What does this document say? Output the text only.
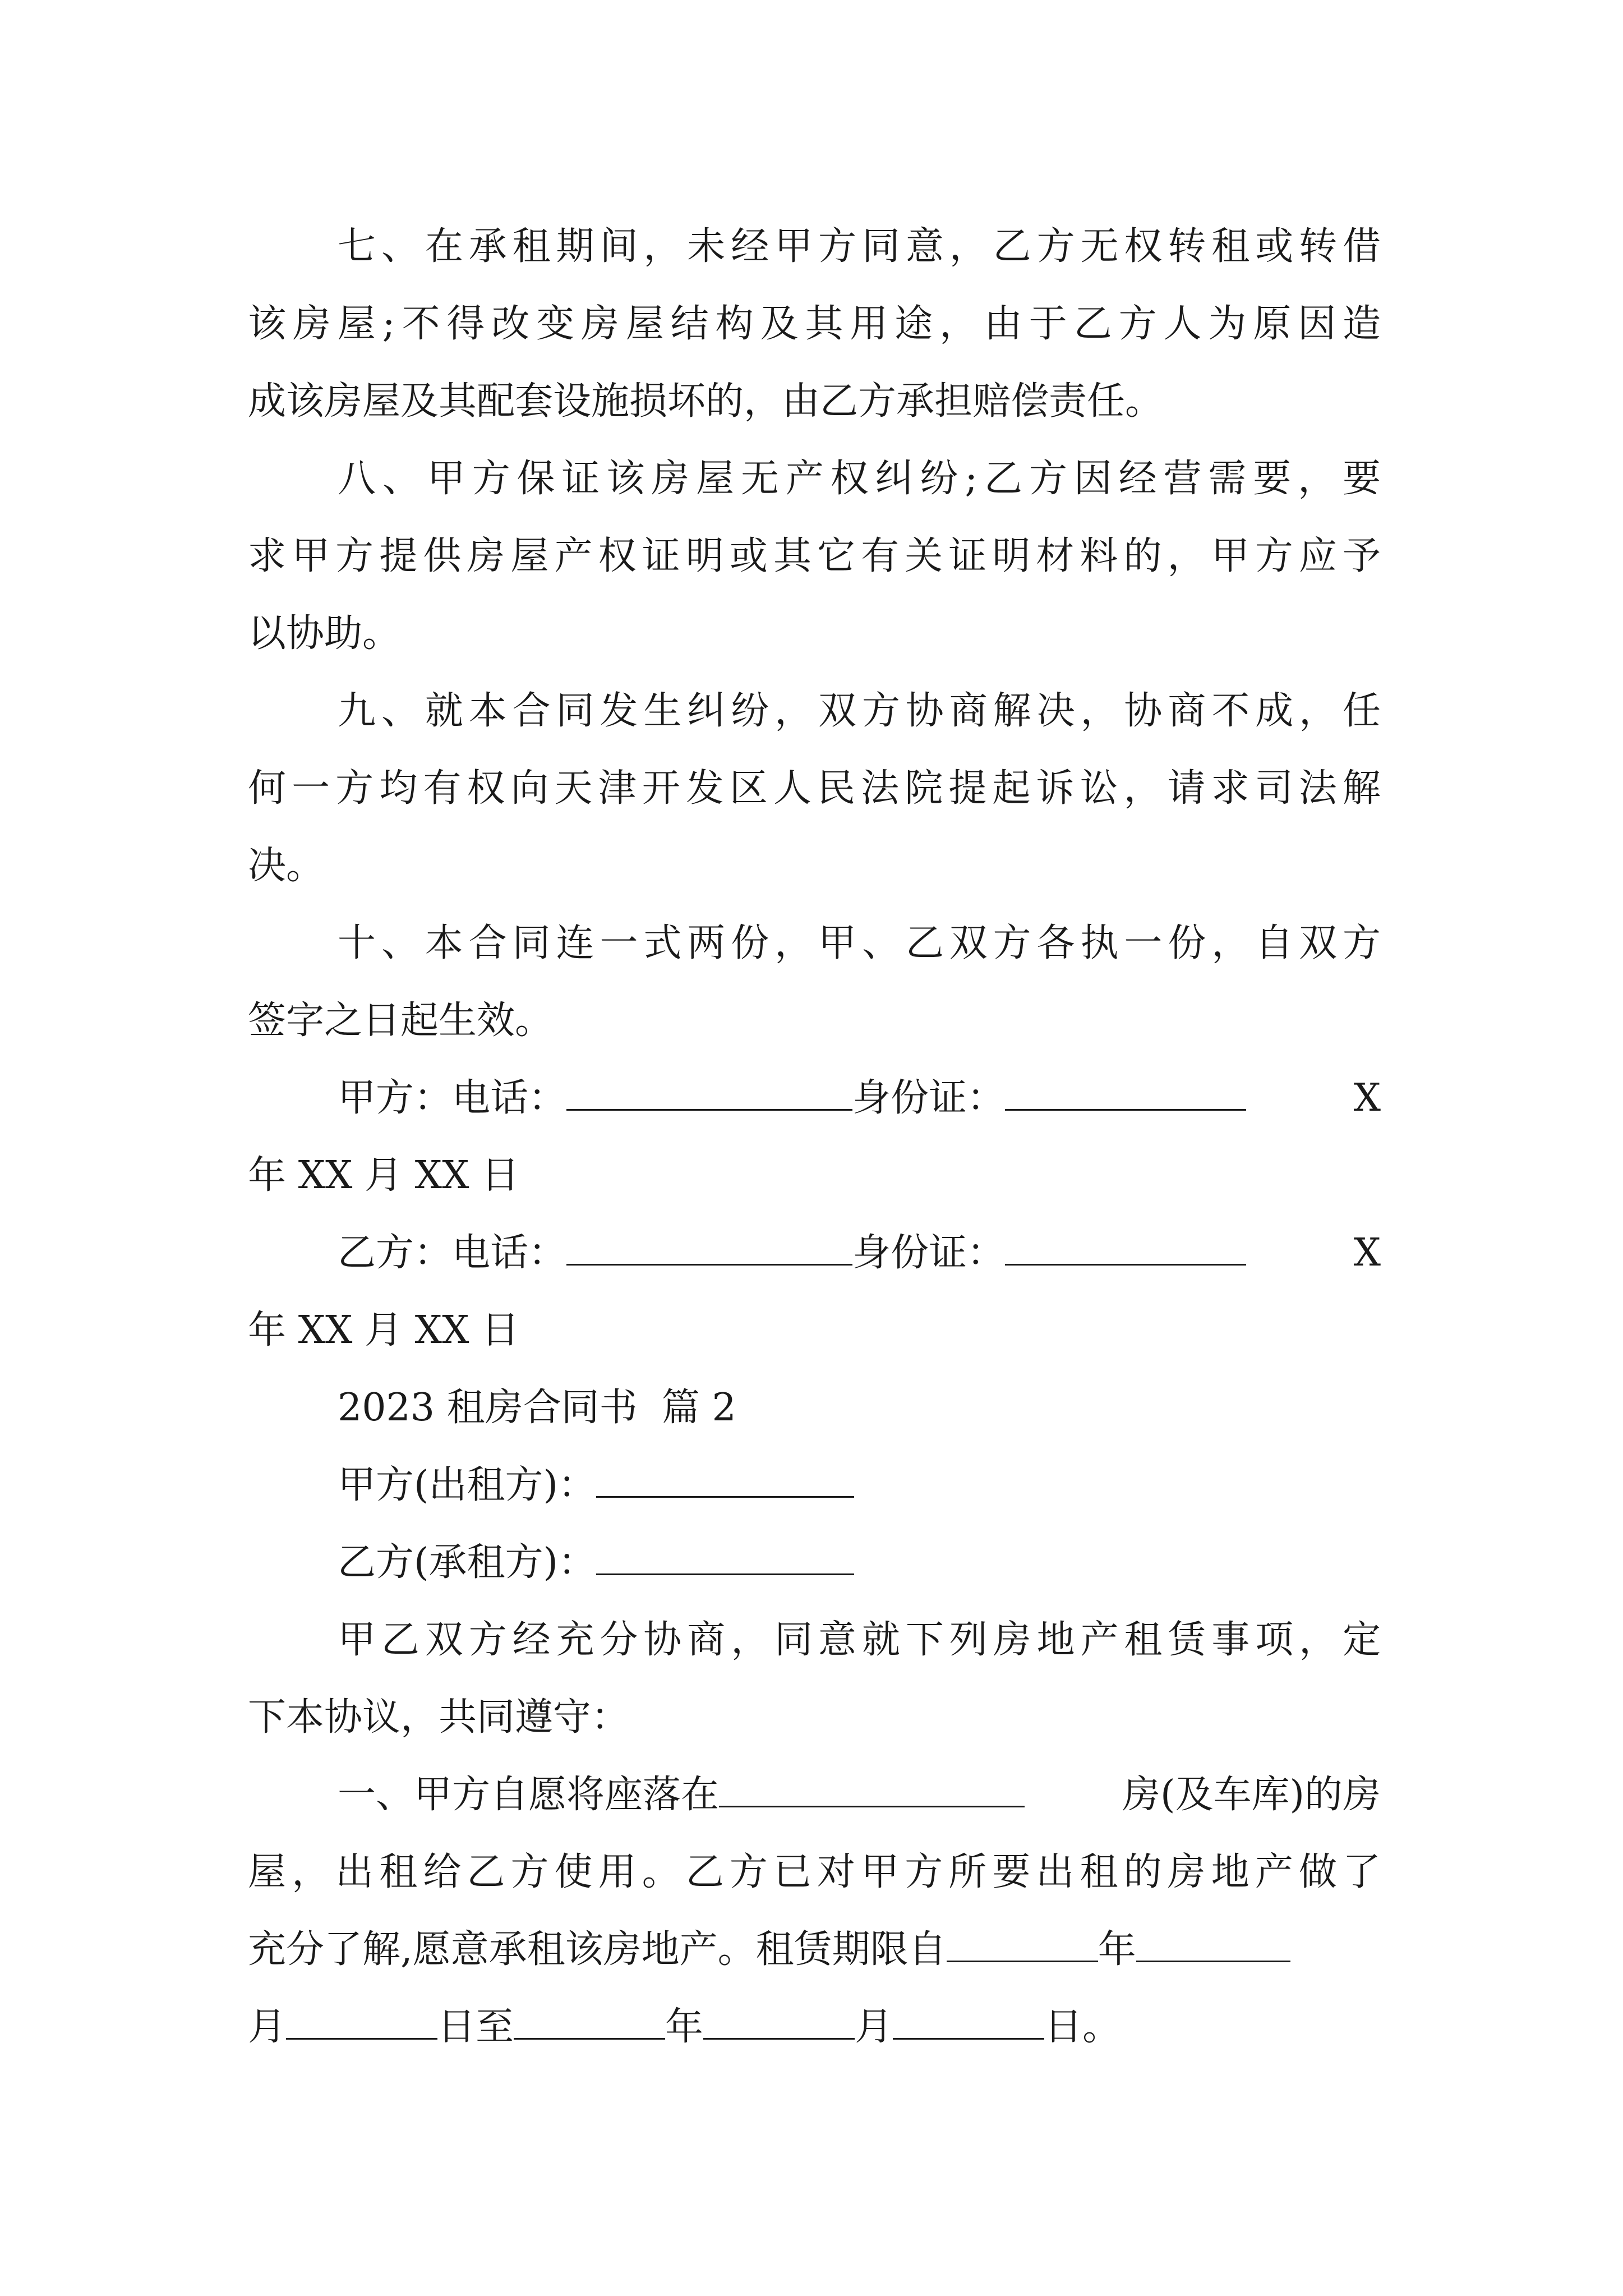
七、在承租期间，未经甲方同意，乙方无权转租或转借
该房屋;不得改变房屋结构及其用途，由于乙方人为原因造
成该房屋及其配套设施损坏的，由乙方承担赔偿责任。
八、甲方保证该房屋无产权纠纷;乙方因经营需要，要
求甲方提供房屋产权证明或其它有关证明材料的，甲方应予
以协助。
九、就本合同发生纠纷，双方协商解决，协商不成，任
何一方均有权向天津开发区人民法院提起诉讼，请求司法解
决。
十、本合同连一式两份，甲、乙双方各执一份，自双方
签字之日起生效。
甲方：电话：	身份证：	X
年 XX 月 XX 日
乙方：电话：	身份证：	X
年 XX 月 XX 日
2023 租房合同书  篇 2
甲方(出租方)：
乙方(承租方)：
甲乙双方经充分协商，同意就下列房地产租赁事项，定
下本协议，共同遵守：
一、甲方自愿将座落在	房(及车库)的房
屋，出租给乙方使用。乙方已对甲方所要出租的房地产做了
充分了解,愿意承租该房地产。租赁期限自	年
月	日至	年	月	日。
